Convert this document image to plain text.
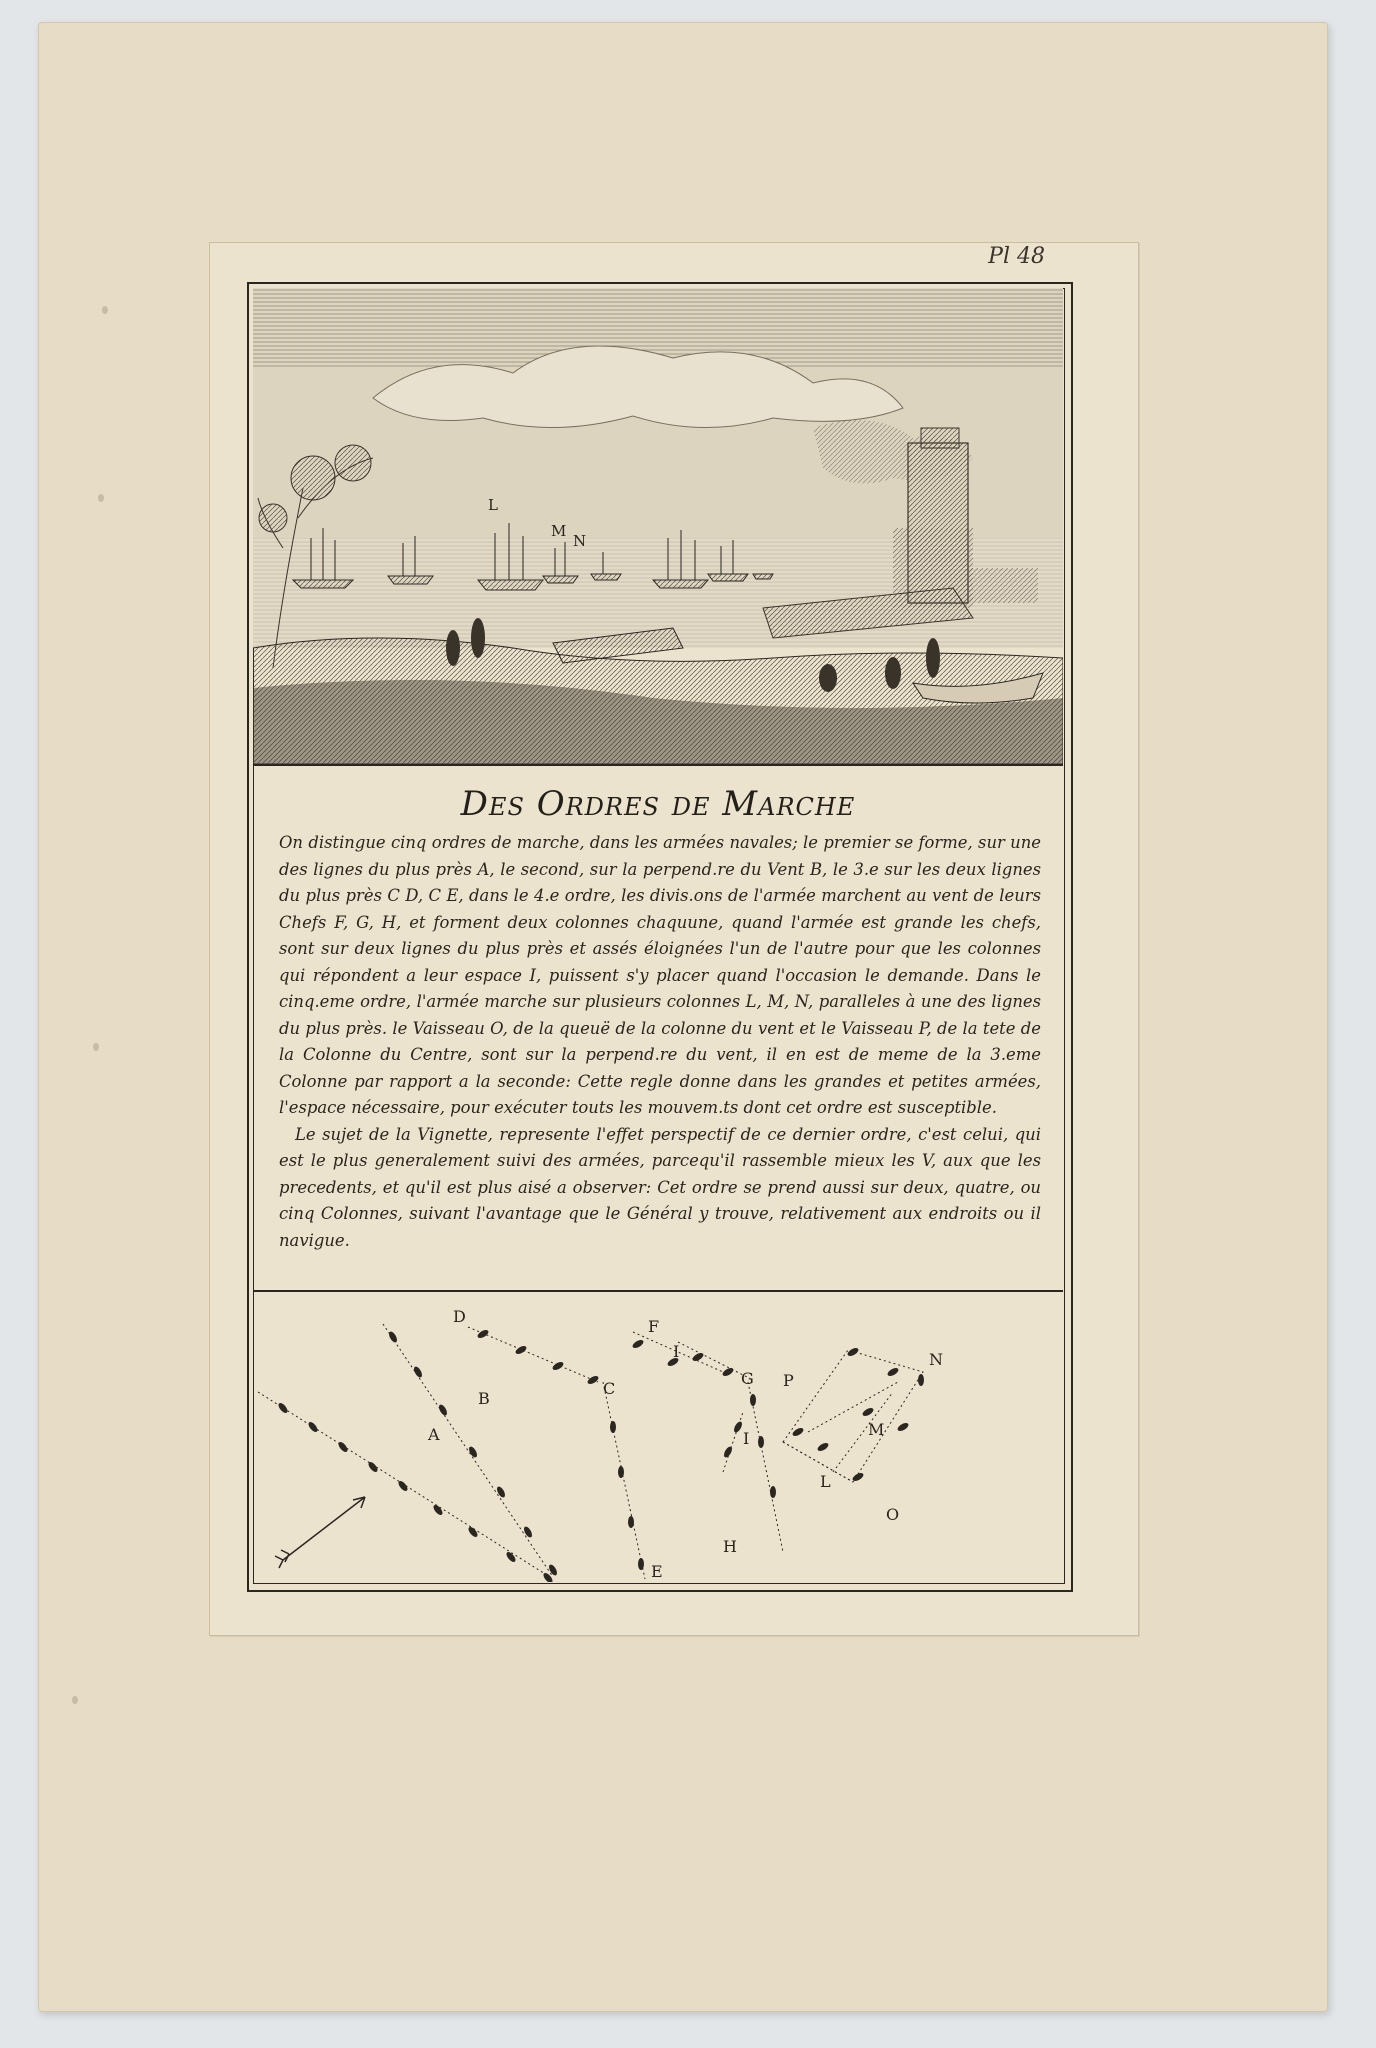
Pl 48
L
M
N
Des Ordres de Marche

On distingue cinq ordres de marche, dans les armées navales; le premier se forme, sur une des lignes du plus près A, le second, sur la perpend.re du Vent B, le 3.e sur les deux lignes du plus près C D, C E, dans le 4.e ordre, les divis.ons de l'armée marchent au vent de leurs Chefs F, G, H, et forment deux colonnes chaquune, quand l'armée est grande les chefs, sont sur deux lignes du plus près et assés éloignées l'un de l'autre pour que les colonnes qui répondent a leur espace I, puissent s'y placer quand l'occasion le demande. Dans le cinq.eme ordre, l'armée marche sur plusieurs colonnes L, M, N, paralleles à une des lignes du plus près. le Vaisseau O, de la queuë de la colonne du vent et le Vaisseau P, de la tete de la Colonne du Centre, sont sur la perpend.re du vent, il en est de meme de la 3.eme Colonne par rapport a la seconde: Cette regle donne dans les grandes et petites armées, l'espace nécessaire, pour exécuter touts les mouvem.ts dont cet ordre est susceptible.

Le sujet de la Vignette, represente l'effet perspectif de ce dernier ordre, c'est celui, qui est le plus generalement suivi des armées, parcequ'il rassemble mieux les V, aux que les precedents, et qu'il est plus aisé a observer: Cet ordre se prend aussi sur deux, quatre, ou cinq Colonnes, suivant l'avantage que le Général y trouve, relativement aux endroits ou il navigue.

A
B
C
D
E
F
I
G
I
H
P
N
M
L
O
